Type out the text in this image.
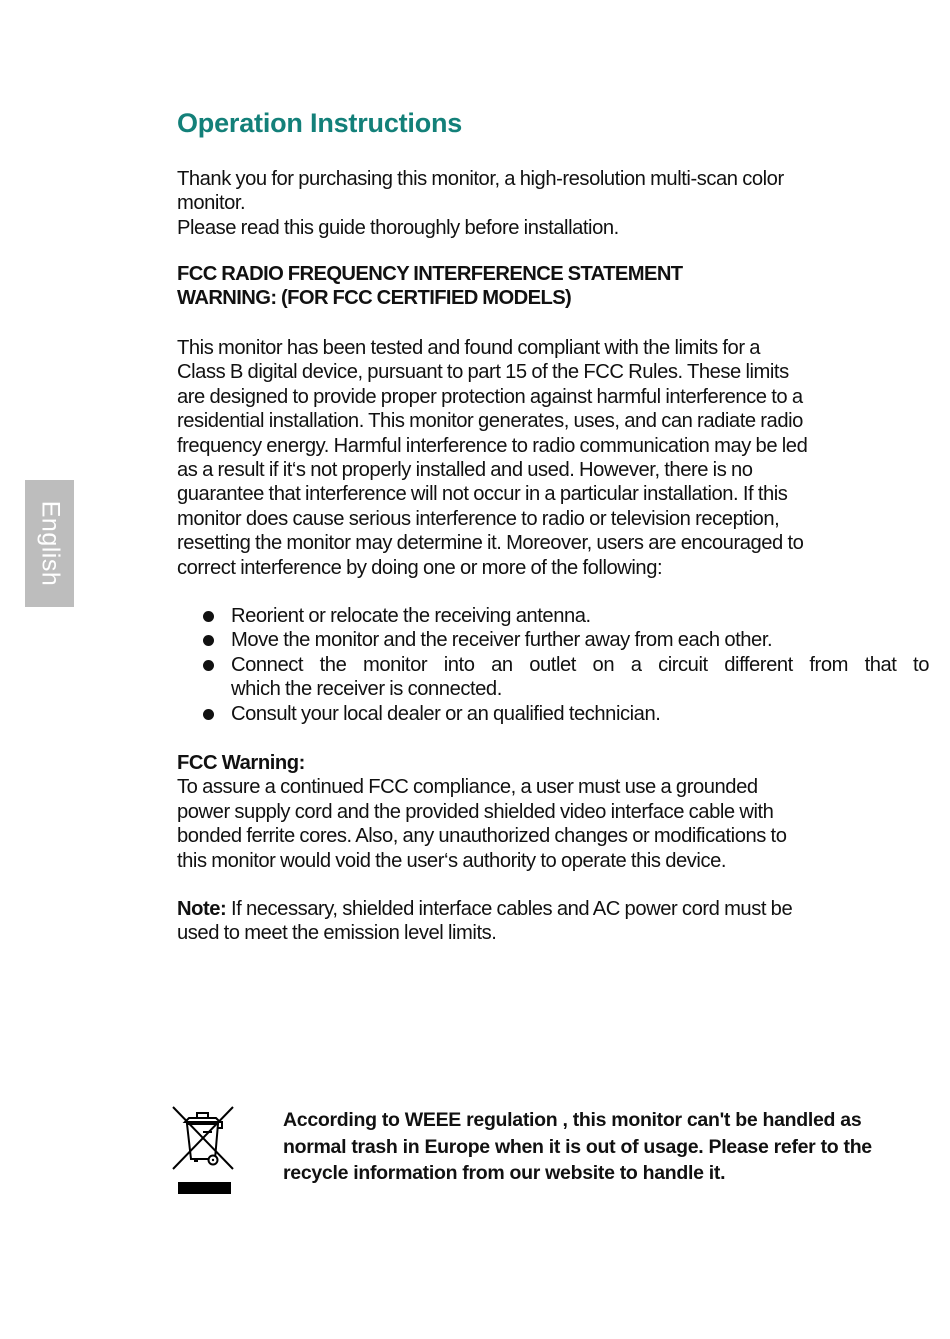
English
Operation Instructions
Thank you for purchasing this monitor, a high-resolution multi-scan color
monitor.
Please read this guide thoroughly before installation.
FCC RADIO FREQUENCY INTERFERENCE STATEMENT
WARNING: (FOR FCC CERTIFIED MODELS)
This monitor has been tested and found compliant with the limits for a
Class B digital device, pursuant to part 15 of the FCC Rules. These limits
are designed to provide proper protection against harmful interference to a
residential installation. This monitor generates, uses, and can radiate radio
frequency energy. Harmful interference to radio communication may be led
as a result if it‘s not properly installed and used. However, there is no
guarantee that interference will not occur in a particular installation. If this
monitor does cause serious interference to radio or television reception,
resetting the monitor may determine it. Moreover, users are encouraged to
correct interference by doing one or more of the following:
Reorient or relocate the receiving antenna.
Move the monitor and the receiver further away from each other.
Connect the monitor into an outlet on a circuit different from that to
which the receiver is connected.
Consult your local dealer or an qualified technician.
FCC Warning:
To assure a continued FCC compliance, a user must use a grounded
power supply cord and the provided shielded video interface cable with
bonded ferrite cores. Also, any unauthorized changes or modifications to
this monitor would void the user‘s authority to operate this device.
Note: If necessary, shielded interface cables and AC power cord must be
used to meet the emission level limits.
According to WEEE regulation , this monitor can't be handled as
normal trash in Europe when it is out of usage. Please refer to the
recycle information from our website to handle it.
